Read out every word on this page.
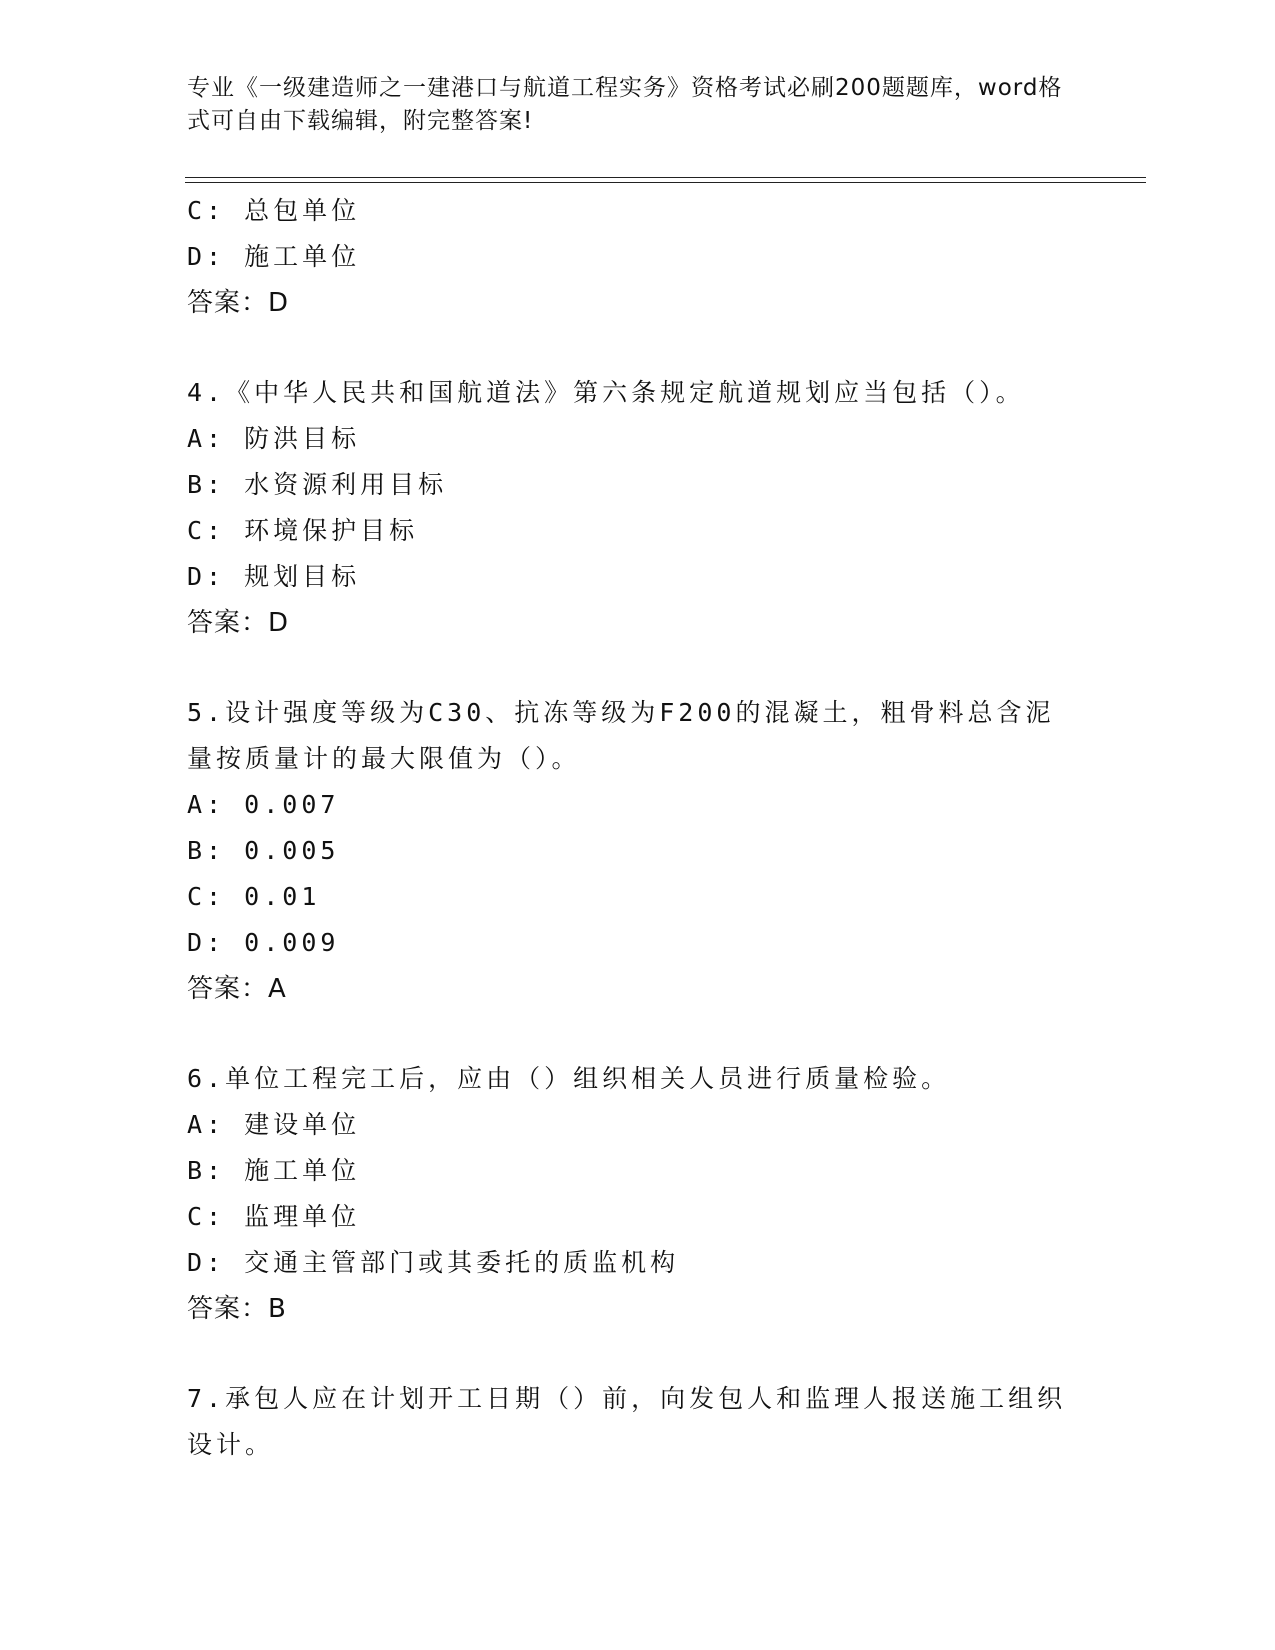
专业《一级建造师之一建港口与航道工程实务》资格考试必刷200题题库，word格式可自由下载编辑，附完整答案!
C: 总包单位
D: 施工单位
答案：D
4.《中华人民共和国航道法》第六条规定航道规划应当包括（）。
A: 防洪目标
B: 水资源利用目标
C: 环境保护目标
D: 规划目标
答案：D
5.设计强度等级为C30、抗冻等级为F200的混凝土，粗骨料总含泥量按质量计的最大限值为（）。
A: 0.007
B: 0.005
C: 0.01
D: 0.009
答案：A
6.单位工程完工后，应由（）组织相关人员进行质量检验。
A: 建设单位
B: 施工单位
C: 监理单位
D: 交通主管部门或其委托的质监机构
答案：B
7.承包人应在计划开工日期（）前，向发包人和监理人报送施工组织设计。
